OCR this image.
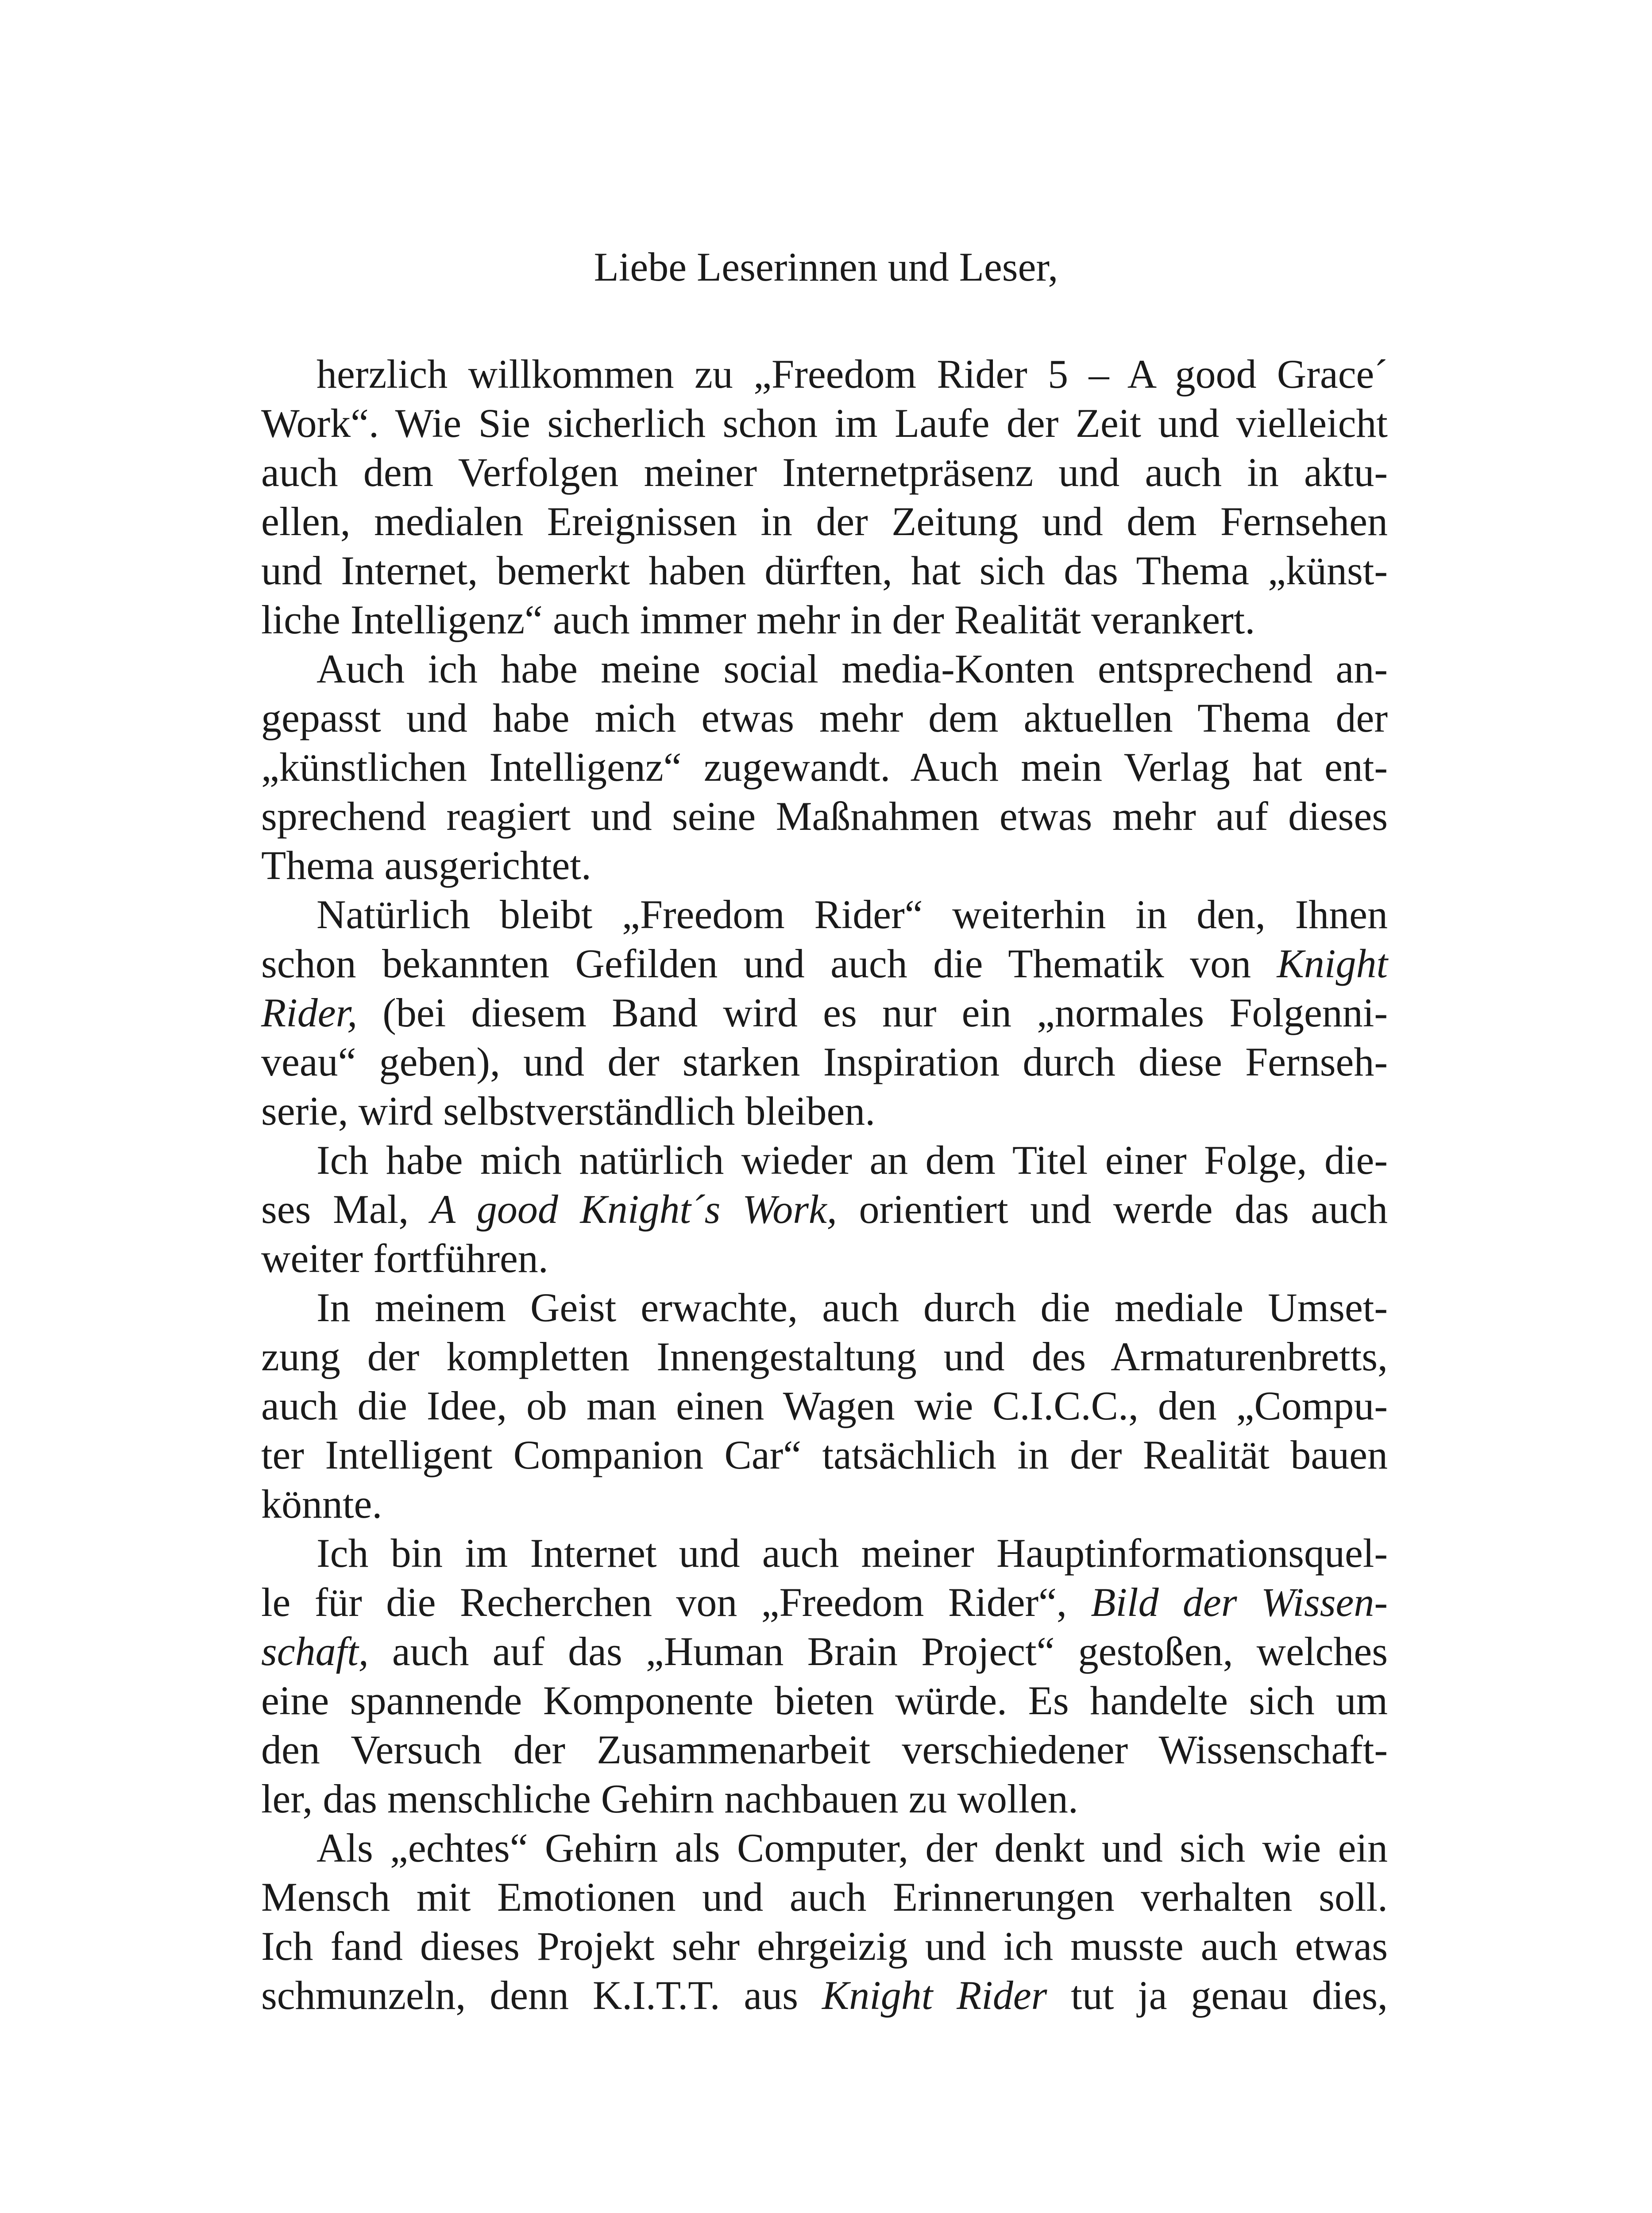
Liebe Leserinnen und Leser,

herzlich willkommen zu „Freedom Rider 5 – A good Grace´
Work“. Wie Sie sicherlich schon im Laufe der Zeit und vielleicht
auch dem Verfolgen meiner Internetpräsenz und auch in aktu-
ellen, medialen Ereignissen in der Zeitung und dem Fernsehen
und Internet, bemerkt haben dürften, hat sich das Thema „künst-
liche Intelligenz“ auch immer mehr in der Realität verankert.
Auch ich habe meine social media-Konten entsprechend an-
gepasst und habe mich etwas mehr dem aktuellen Thema der
„künstlichen Intelligenz“ zugewandt. Auch mein Verlag hat ent-
sprechend reagiert und seine Maßnahmen etwas mehr auf dieses
Thema ausgerichtet.
Natürlich bleibt „Freedom Rider“ weiterhin in den, Ihnen
schon bekannten Gefilden und auch die Thematik von Knight
Rider, (bei diesem Band wird es nur ein „normales Folgenni-
veau“ geben), und der starken Inspiration durch diese Fernseh-
serie, wird selbstverständlich bleiben.
Ich habe mich natürlich wieder an dem Titel einer Folge, die-
ses Mal, A good Knight´s Work, orientiert und werde das auch
weiter fortführen.
In meinem Geist erwachte, auch durch die mediale Umset-
zung der kompletten Innengestaltung und des Armaturenbretts,
auch die Idee, ob man einen Wagen wie C.I.C.C., den „Compu-
ter Intelligent Companion Car“ tatsächlich in der Realität bauen
könnte.
Ich bin im Internet und auch meiner Hauptinformationsquel-
le für die Recherchen von „Freedom Rider“, Bild der Wissen-
schaft, auch auf das „Human Brain Project“ gestoßen, welches
eine spannende Komponente bieten würde. Es handelte sich um
den Versuch der Zusammenarbeit verschiedener Wissenschaft-
ler, das menschliche Gehirn nachbauen zu wollen.
Als „echtes“ Gehirn als Computer, der denkt und sich wie ein
Mensch mit Emotionen und auch Erinnerungen verhalten soll.
Ich fand dieses Projekt sehr ehrgeizig und ich musste auch etwas
schmunzeln, denn K.I.T.T. aus Knight Rider tut ja genau dies,
